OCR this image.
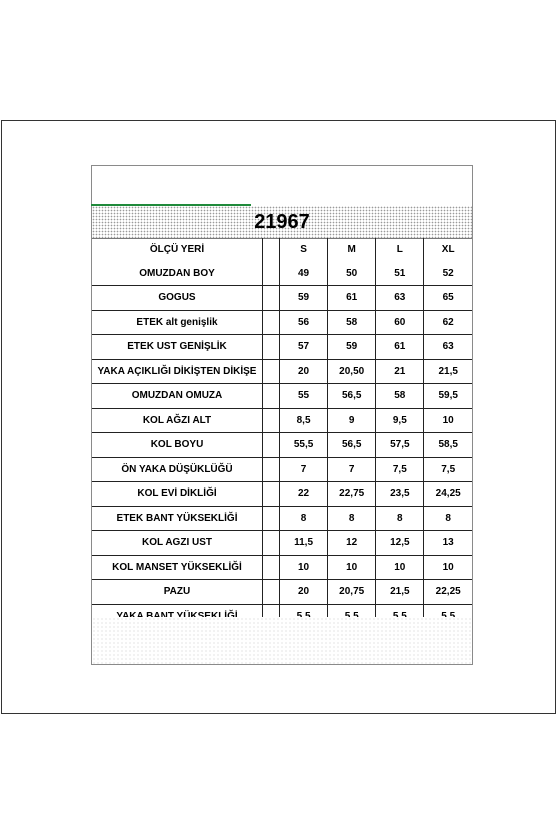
21967
ÖLÇÜ YERİ		S	M	L	XL
OMUZDAN BOY		49	50	51	52
GOGUS		59	61	63	65
ETEK alt genişlik		56	58	60	62
ETEK UST GENİŞLİK		57	59	61	63
YAKA AÇIKLIĞI DİKİŞTEN DİKİŞE		20	20,50	21	21,5
OMUZDAN OMUZA		55	56,5	58	59,5
KOL AĞZI ALT		8,5	9	9,5	10
KOL BOYU		55,5	56,5	57,5	58,5
ÖN YAKA DÜŞÜKLÜĞÜ		7	7	7,5	7,5
KOL EVİ DİKLİĞİ		22	22,75	23,5	24,25
ETEK BANT YÜKSEKLİĞİ		8	8	8	8
KOL AGZI UST		11,5	12	12,5	13
KOL MANSET YÜKSEKLİĞİ		10	10	10	10
PAZU		20	20,75	21,5	22,25
